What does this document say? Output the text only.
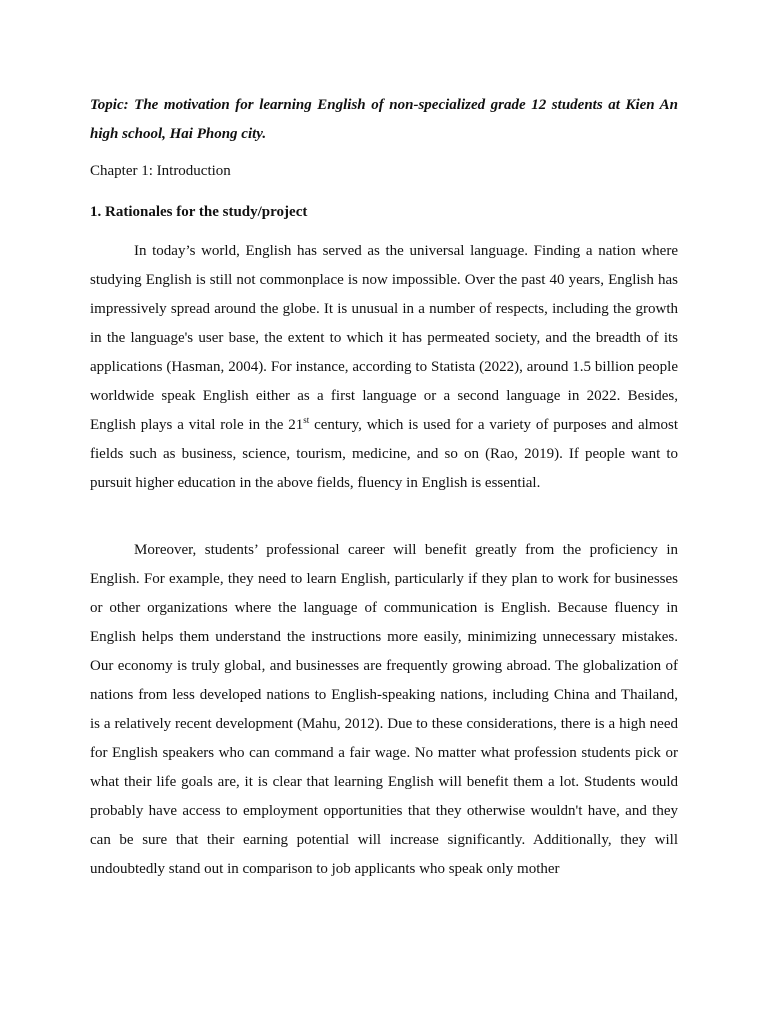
Topic: The motivation for learning English of non-specialized grade 12 students at Kien An high school, Hai Phong city.
Chapter 1: Introduction
1. Rationales for the study/project

In today’s world, English has served as the universal language. Finding a nation where studying English is still not commonplace is now impossible. Over the past 40 years, English has impressively spread around the globe. It is unusual in a number of respects, including the growth in the language's user base, the extent to which it has permeated society, and the breadth of its applications (Hasman, 2004). For instance, according to Statista (2022), around 1.5 billion people worldwide speak English either as a first language or a second language in 2022. Besides, English plays a vital role in the 21st century, which is used for a variety of purposes and almost fields such as business, science, tourism, medicine, and so on (Rao, 2019). If people want to pursuit higher education in the above fields, fluency in English is essential.

Moreover, students’ professional career will benefit greatly from the proficiency in English. For example, they need to learn English, particularly if they plan to work for businesses or other organizations where the language of communication is English. Because fluency in English helps them understand the instructions more easily, minimizing unnecessary mistakes. Our economy is truly global, and businesses are frequently growing abroad. The globalization of nations from less developed nations to English-speaking nations, including China and Thailand, is a relatively recent development (Mahu, 2012). Due to these considerations, there is a high need for English speakers who can command a fair wage. No matter what profession students pick or what their life goals are, it is clear that learning English will benefit them a lot. Students would probably have access to employment opportunities that they otherwise wouldn't have, and they can be sure that their earning potential will increase significantly. Additionally, they will undoubtedly stand out in comparison to job applicants who speak only mother
